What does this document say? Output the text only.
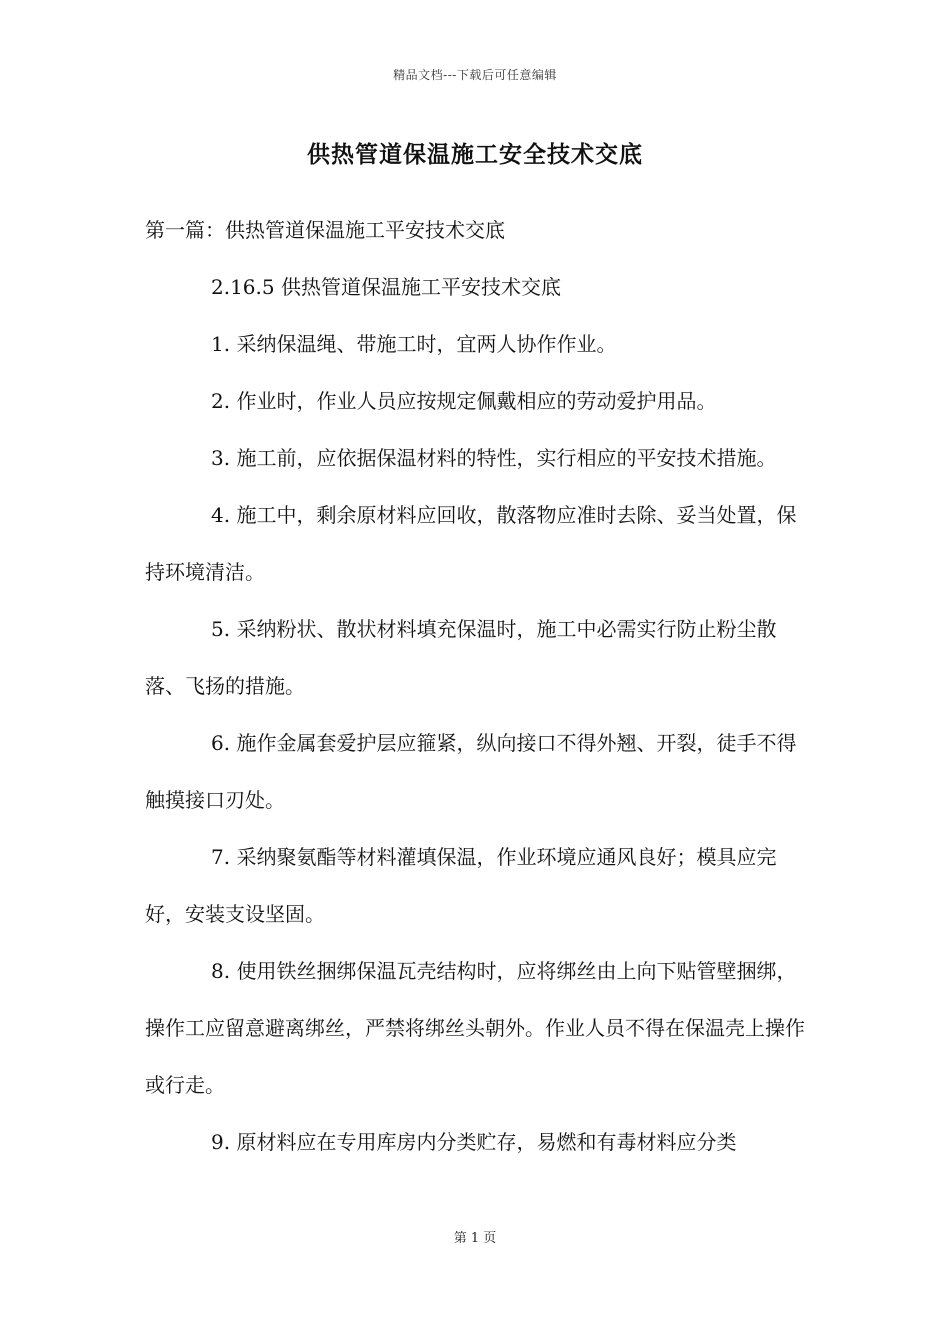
精品文档---下载后可任意编辑
供热管道保温施工安全技术交底

第一篇：供热管道保温施工平安技术交底

2.16.5 供热管道保温施工平安技术交底

1. 采纳保温绳、带施工时，宜两人协作作业。

2. 作业时，作业人员应按规定佩戴相应的劳动爱护用品。

3. 施工前，应依据保温材料的特性，实行相应的平安技术措施。

4. 施工中，剩余原材料应回收，散落物应准时去除、妥当处置，保持环境清洁。

5. 采纳粉状、散状材料填充保温时，施工中必需实行防止粉尘散落、飞扬的措施。

6. 施作金属套爱护层应箍紧，纵向接口不得外翘、开裂，徒手不得触摸接口刃处。

7. 采纳聚氨酯等材料灌填保温，作业环境应通风良好；模具应完好，安装支设坚固。

8. 使用铁丝捆绑保温瓦壳结构时，应将绑丝由上向下贴管壁捆绑，操作工应留意避离绑丝，严禁将绑丝头朝外。作业人员不得在保温壳上操作或行走。

9. 原材料应在专用库房内分类贮存，易燃和有毒材料应分类

第 1 页
